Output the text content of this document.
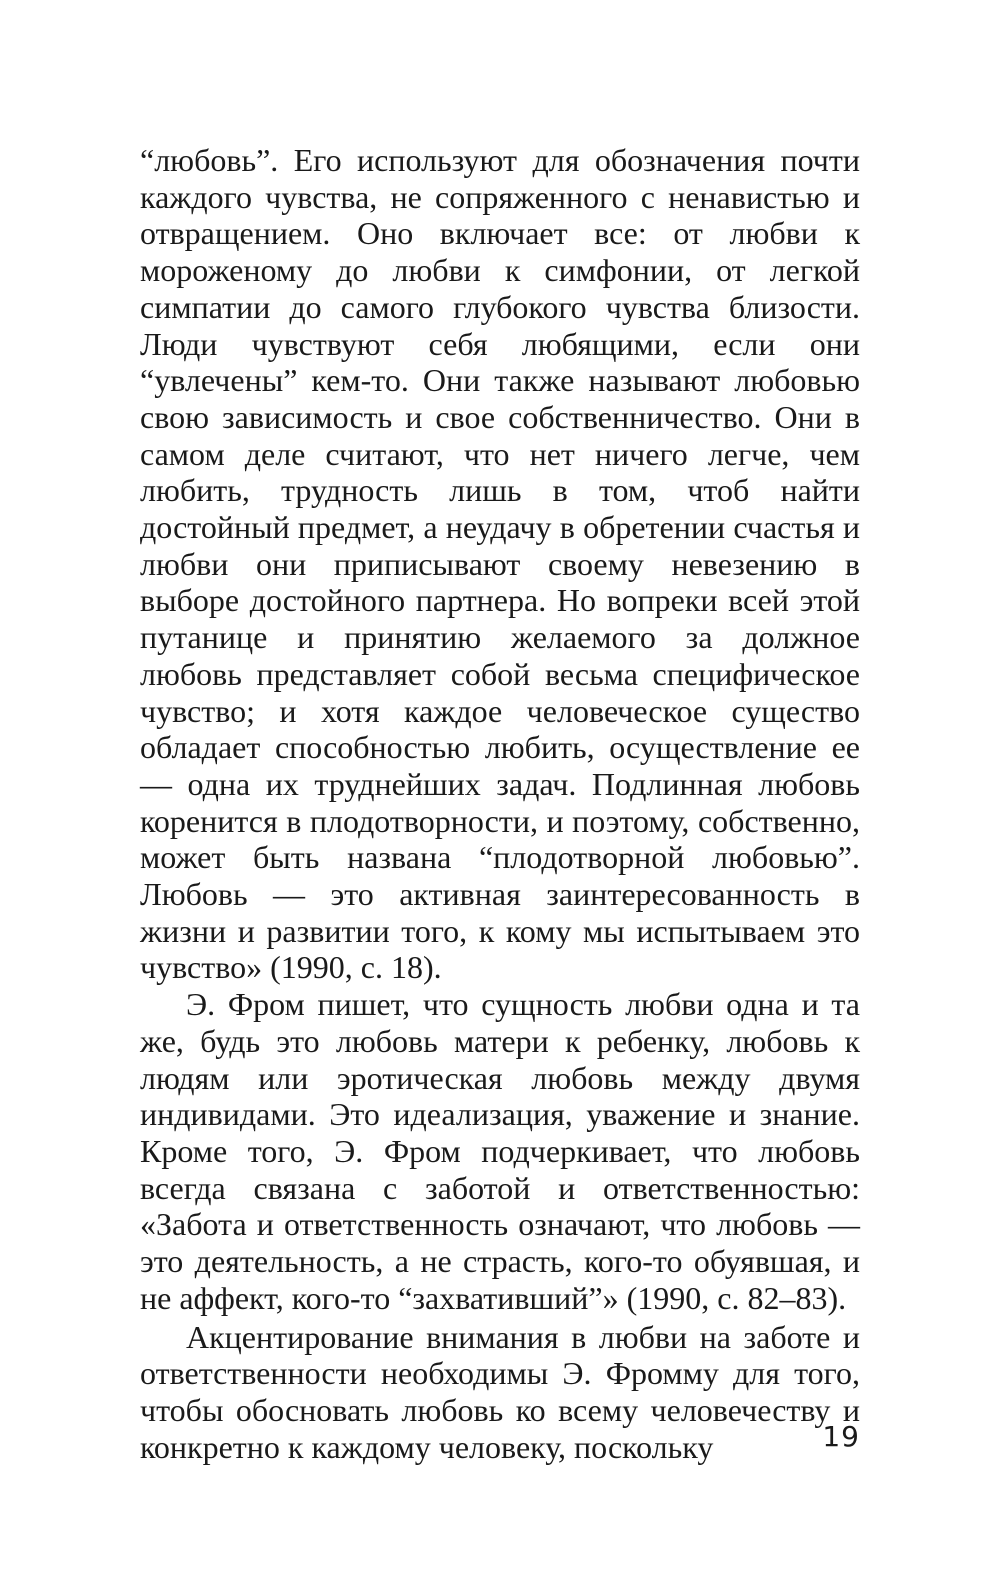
“любовь”. Его используют для обозначения почти каждого чувства, не сопряженного с ненавистью и отвращением. Оно включает все: от любви к мороженому до любви к симфонии, от легкой симпатии до самого глубокого чувства близости. Люди чувствуют себя любящими, если они “увлечены” кем-то. Они также называют любовью свою зависимость и свое собственничество. Они в самом деле считают, что нет ничего легче, чем любить, трудность лишь в том, чтоб найти достойный предмет, а неудачу в обретении счастья и любви они приписывают своему невезению в выборе достойного партнера. Но вопреки всей этой путанице и принятию желаемого за должное любовь представляет собой весьма специфическое чувство; и хотя каждое человеческое существо обладает способностью любить, осуществление ее — одна их труднейших задач. Подлинная любовь коренится в плодотворности, и поэтому, собственно, может быть названа “плодотворной любовью”. Любовь — это активная заинтересованность в жизни и развитии того, к кому мы испытываем это чувство» (1990, с. 18).

Э. Фром пишет, что сущность любви одна и та же, будь это любовь матери к ребенку, любовь к людям или эротическая любовь между двумя индивидами. Это идеализация, уважение и знание. Кроме того, Э. Фром подчеркивает, что любовь всегда связана с заботой и ответственностью: «Забота и ответственность означают, что любовь — это деятельность, а не страсть, кого-то обуявшая, и не аффект, кого-то “захвативший”» (1990, с. 82–83).

Акцентирование внимания в любви на заботе и ответственности необходимы Э. Фромму для того, чтобы обосновать любовь ко всему человечеству и конкретно к каждому человеку, поскольку	19
